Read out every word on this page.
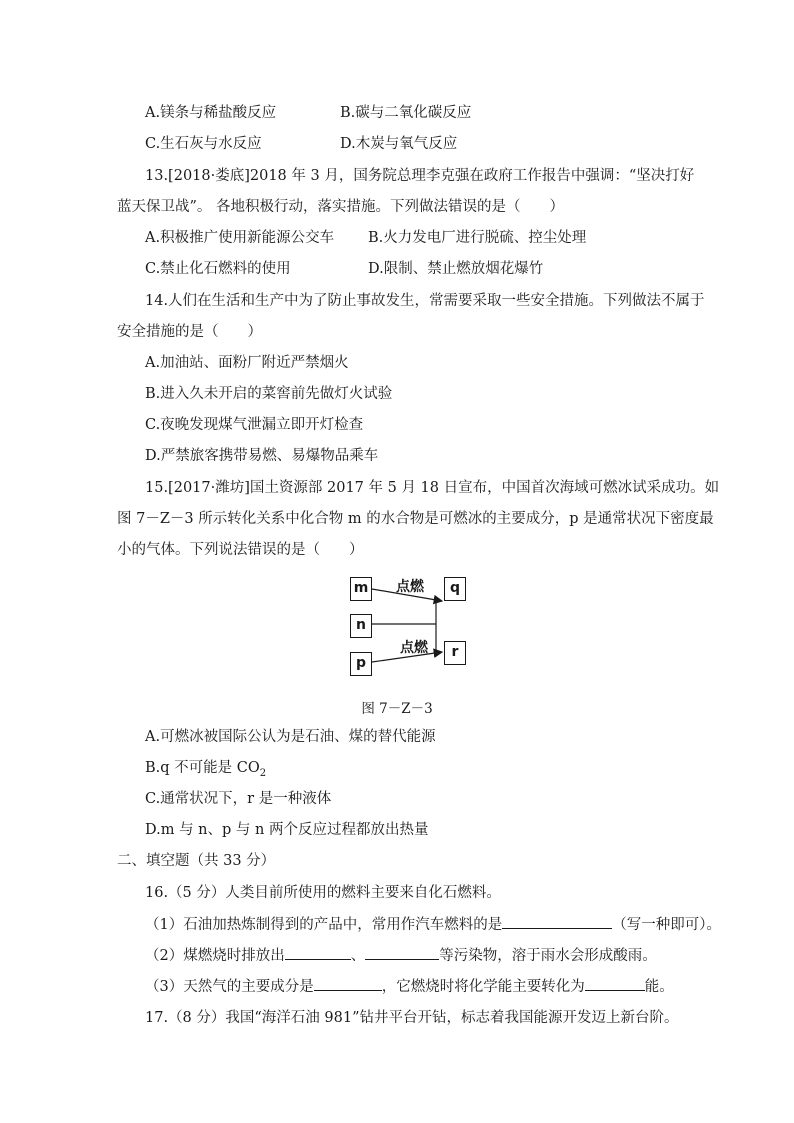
A.镁条与稀盐酸反应	B.碳与二氧化碳反应
C.生石灰与水反应	D.木炭与氧气反应
13.[2018·娄底]2018 年 3 月，国务院总理李克强在政府工作报告中强调：“坚决打好
蓝天保卫战”。 各地积极行动，落实措施。下列做法错误的是（　　）
A.积极推广使用新能源公交车 B.火力发电厂进行脱硫、控尘处理
C.禁止化石燃料的使用	D.限制、禁止燃放烟花爆竹
14.人们在生活和生产中为了防止事故发生，常需要采取一些安全措施。下列做法不属于
安全措施的是（　　）
A.加油站、面粉厂附近严禁烟火
B.进入久未开启的菜窖前先做灯火试验
C.夜晚发现煤气泄漏立即开灯检查
D.严禁旅客携带易燃、易爆物品乘车
15.[2017·潍坊]国土资源部 2017 年 5 月 18 日宣布，中国首次海域可燃冰试采成功。如
图 7－Z－3 所示转化关系中化合物 m 的水合物是可燃冰的主要成分，p 是通常状况下密度最
小的气体。下列说法错误的是（　　）
m
n
p
q
r
点燃
点燃
图 7－Z－3
A.可燃冰被国际公认为是石油、煤的替代能源
B.q 不可能是 $CO_2$
C.通常状况下，r 是一种液体
D.m 与 n、p 与 n 两个反应过程都放出热量
二、填空题（共 33 分）
16.（5 分）人类目前所使用的燃料主要来自化石燃料。
（1）石油加热炼制得到的产品中，常用作汽车燃料的是	（写一种即可）。
（2）煤燃烧时排放出	、	等污染物，溶于雨水会形成酸雨。
（3）天然气的主要成分是	，它燃烧时将化学能主要转化为	能。
17.（8 分）我国“海洋石油 981”钻井平台开钻，标志着我国能源开发迈上新台阶。
